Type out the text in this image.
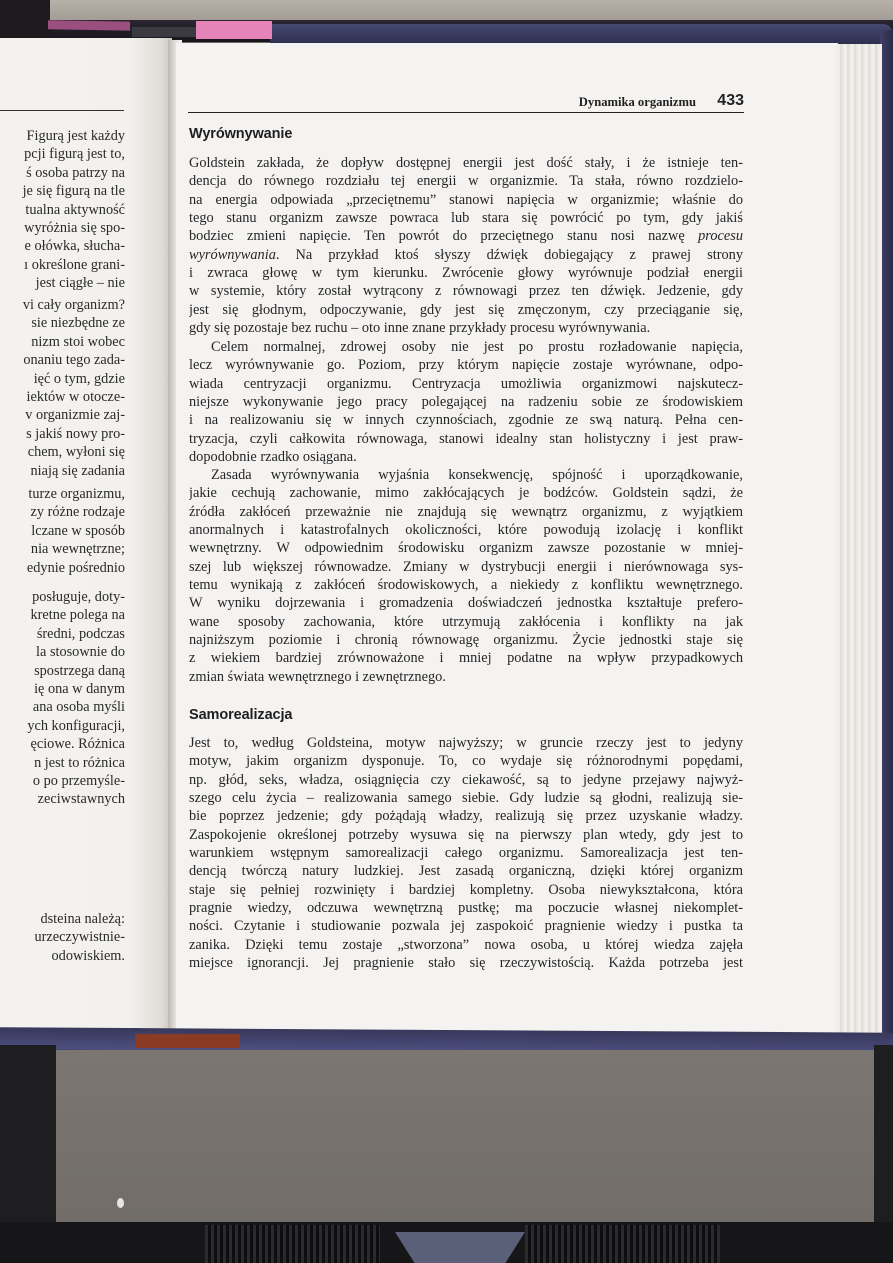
Figurą jest każdy
pcji figurą jest to,
ś osoba patrzy na
je się figurą na tle
tualna aktywność
wyróżnia się spo-
e ołówka, słucha-
ı określone grani-
jest ciągłe – nie
vi cały organizm?
sie niezbędne ze
nizm stoi wobec
onaniu tego zada-
ięć o tym, gdzie
iektów w otocze-
v organizmie zaj-
s jakiś nowy pro-
chem, wyłoni się
niają się zadania
turze organizmu,
zy różne rodzaje
lczane w sposób
nia wewnętrzne;
edynie pośrednio
posługuje, doty-
kretne polega na
średni, podczas
la stosownie do
spostrzega daną
ię ona w danym
ana osoba myśli
ych konfiguracji,
ęciowe. Różnica
n jest to różnica
o po przemyśle-
zeciwstawnych
dsteina należą:
urzeczywistnie-
odowiskiem.
Dynamika organizmu 433
Wyrównywanie
Goldstein zakłada, że dopływ dostępnej energii jest dość stały, i że istnieje ten-
dencja do równego rozdziału tej energii w organizmie. Ta stała, równo rozdzielo-
na energia odpowiada „przeciętnemu” stanowi napięcia w organizmie; właśnie do
tego stanu organizm zawsze powraca lub stara się powrócić po tym, gdy jakiś
bodziec zmieni napięcie. Ten powrót do przeciętnego stanu nosi nazwę procesu
wyrównywania. Na przykład ktoś słyszy dźwięk dobiegający z prawej strony
i zwraca głowę w tym kierunku. Zwrócenie głowy wyrównuje podział energii
w systemie, który został wytrącony z równowagi przez ten dźwięk. Jedzenie, gdy
jest się głodnym, odpoczywanie, gdy jest się zmęczonym, czy przeciąganie się,
gdy się pozostaje bez ruchu – oto inne znane przykłady procesu wyrównywania.
Celem normalnej, zdrowej osoby nie jest po prostu rozładowanie napięcia,
lecz wyrównywanie go. Poziom, przy którym napięcie zostaje wyrównane, odpo-
wiada centryzacji organizmu. Centryzacja umożliwia organizmowi najskutecz-
niejsze wykonywanie jego pracy polegającej na radzeniu sobie ze środowiskiem
i na realizowaniu się w innych czynnościach, zgodnie ze swą naturą. Pełna cen-
tryzacja, czyli całkowita równowaga, stanowi idealny stan holistyczny i jest praw-
dopodobnie rzadko osiągana.
Zasada wyrównywania wyjaśnia konsekwencję, spójność i uporządkowanie,
jakie cechują zachowanie, mimo zakłócających je bodźców. Goldstein sądzi, że
źródła zakłóceń przeważnie nie znajdują się wewnątrz organizmu, z wyjątkiem
anormalnych i katastrofalnych okoliczności, które powodują izolację i konflikt
wewnętrzny. W odpowiednim środowisku organizm zawsze pozostanie w mniej-
szej lub większej równowadze. Zmiany w dystrybucji energii i nierównowaga sys-
temu wynikają z zakłóceń środowiskowych, a niekiedy z konfliktu wewnętrznego.
W wyniku dojrzewania i gromadzenia doświadczeń jednostka kształtuje prefero-
wane sposoby zachowania, które utrzymują zakłócenia i konflikty na jak
najniższym poziomie i chronią równowagę organizmu. Życie jednostki staje się
z wiekiem bardziej zrównoważone i mniej podatne na wpływ przypadkowych
zmian świata wewnętrznego i zewnętrznego.
Samorealizacja
Jest to, według Goldsteina, motyw najwyższy; w gruncie rzeczy jest to jedyny
motyw, jakim organizm dysponuje. To, co wydaje się różnorodnymi popędami,
np. głód, seks, władza, osiągnięcia czy ciekawość, są to jedyne przejawy najwyż-
szego celu życia – realizowania samego siebie. Gdy ludzie są głodni, realizują sie-
bie poprzez jedzenie; gdy pożądają władzy, realizują się przez uzyskanie władzy.
Zaspokojenie określonej potrzeby wysuwa się na pierwszy plan wtedy, gdy jest to
warunkiem wstępnym samorealizacji całego organizmu. Samorealizacja jest ten-
dencją twórczą natury ludzkiej. Jest zasadą organiczną, dzięki której organizm
staje się pełniej rozwinięty i bardziej kompletny. Osoba niewykształcona, która
pragnie wiedzy, odczuwa wewnętrzną pustkę; ma poczucie własnej niekomplet-
ności. Czytanie i studiowanie pozwala jej zaspokoić pragnienie wiedzy i pustka ta
zanika. Dzięki temu zostaje „stworzona” nowa osoba, u której wiedza zajęła
miejsce ignorancji. Jej pragnienie stało się rzeczywistością. Każda potrzeba jest
